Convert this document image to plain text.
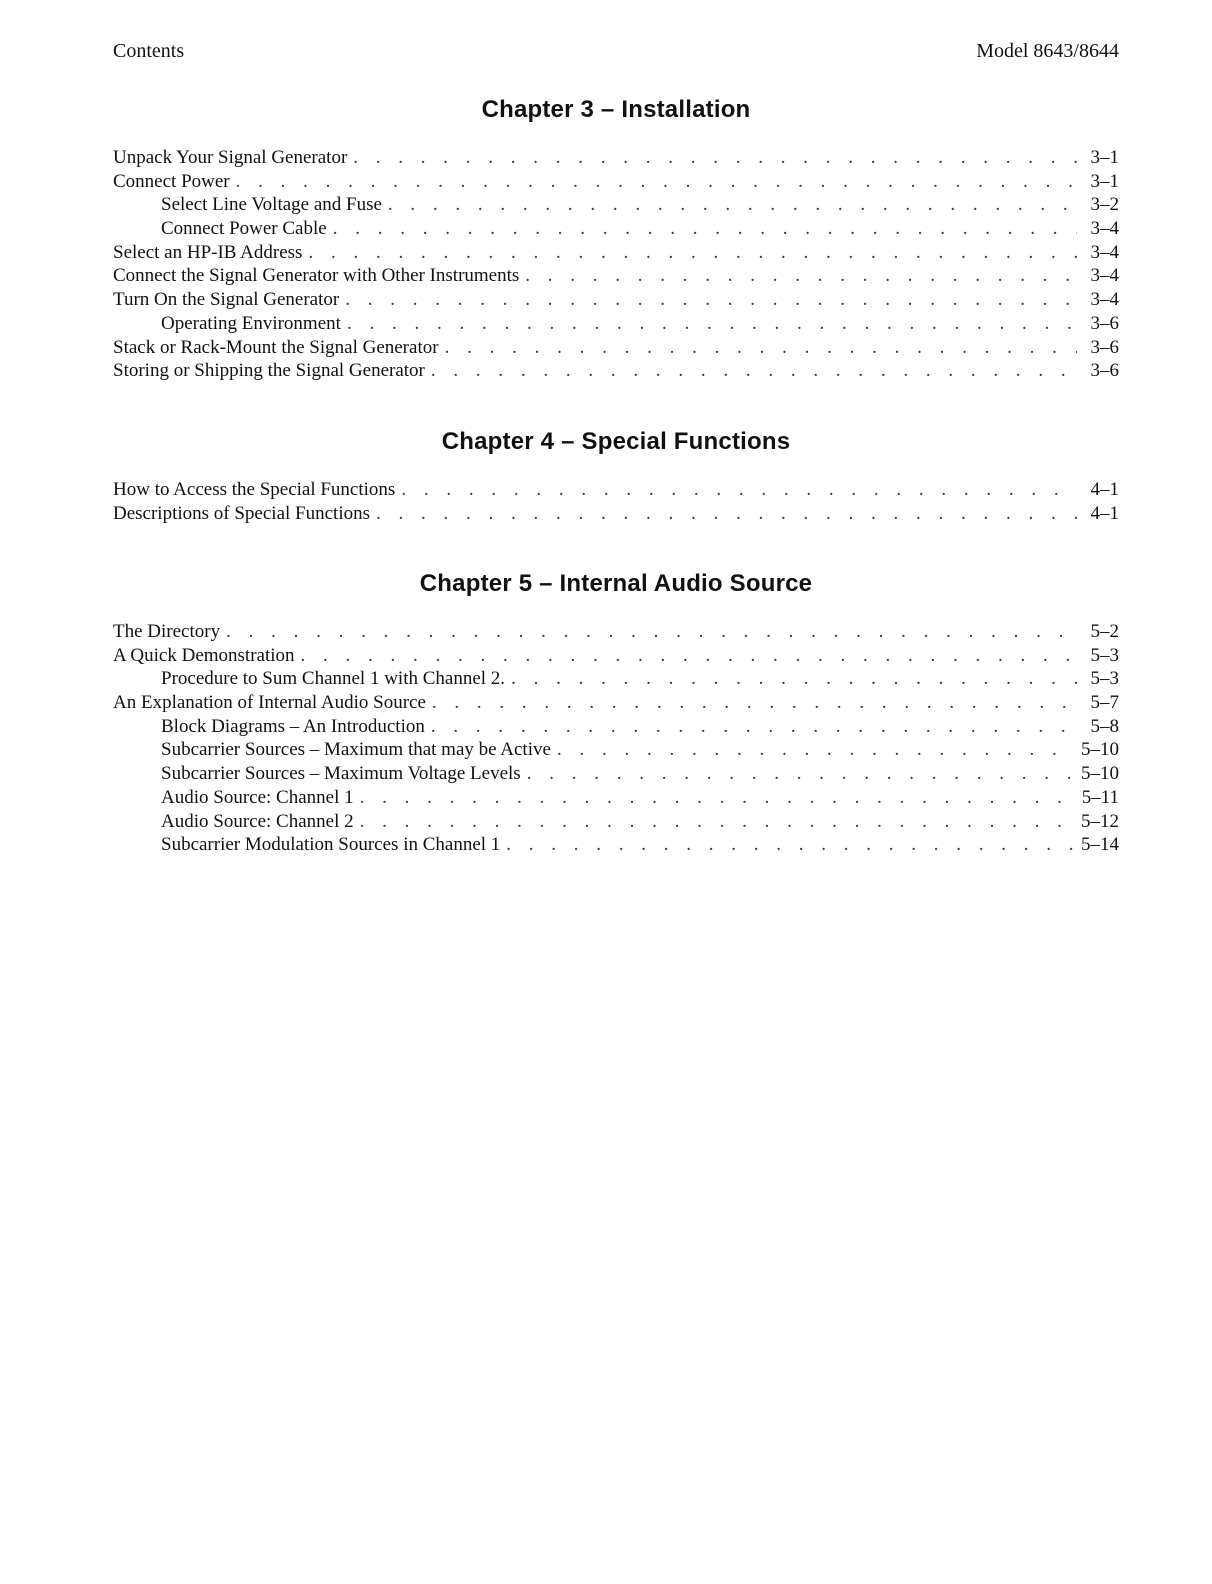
Contents	Model 8643/8644
Chapter 3 – Installation
Unpack Your Signal Generator . . .	3–1
Connect Power . . .	3–1
Select Line Voltage and Fuse . . .	3–2
Connect Power Cable . . .	3–4
Select an HP-IB Address . . .	3–4
Connect the Signal Generator with Other Instruments . . .	3–4
Turn On the Signal Generator . . .	3–4
Operating Environment . . .	3–6
Stack or Rack-Mount the Signal Generator . . .	3–6
Storing or Shipping the Signal Generator . . .	3–6
Chapter 4 – Special Functions
How to Access the Special Functions . . .	4–1
Descriptions of Special Functions . . .	4–1
Chapter 5 – Internal Audio Source
The Directory . . .	5–2
A Quick Demonstration . . .	5–3
Procedure to Sum Channel 1 with Channel 2. . . .	5–3
An Explanation of Internal Audio Source . . .	5–7
Block Diagrams – An Introduction . . .	5–8
Subcarrier Sources – Maximum that may be Active . . .	5–10
Subcarrier Sources – Maximum Voltage Levels . . .	5–10
Audio Source: Channel 1 . . .	5–11
Audio Source: Channel 2 . . .	5–12
Subcarrier Modulation Sources in Channel 1 . . .	5–14
